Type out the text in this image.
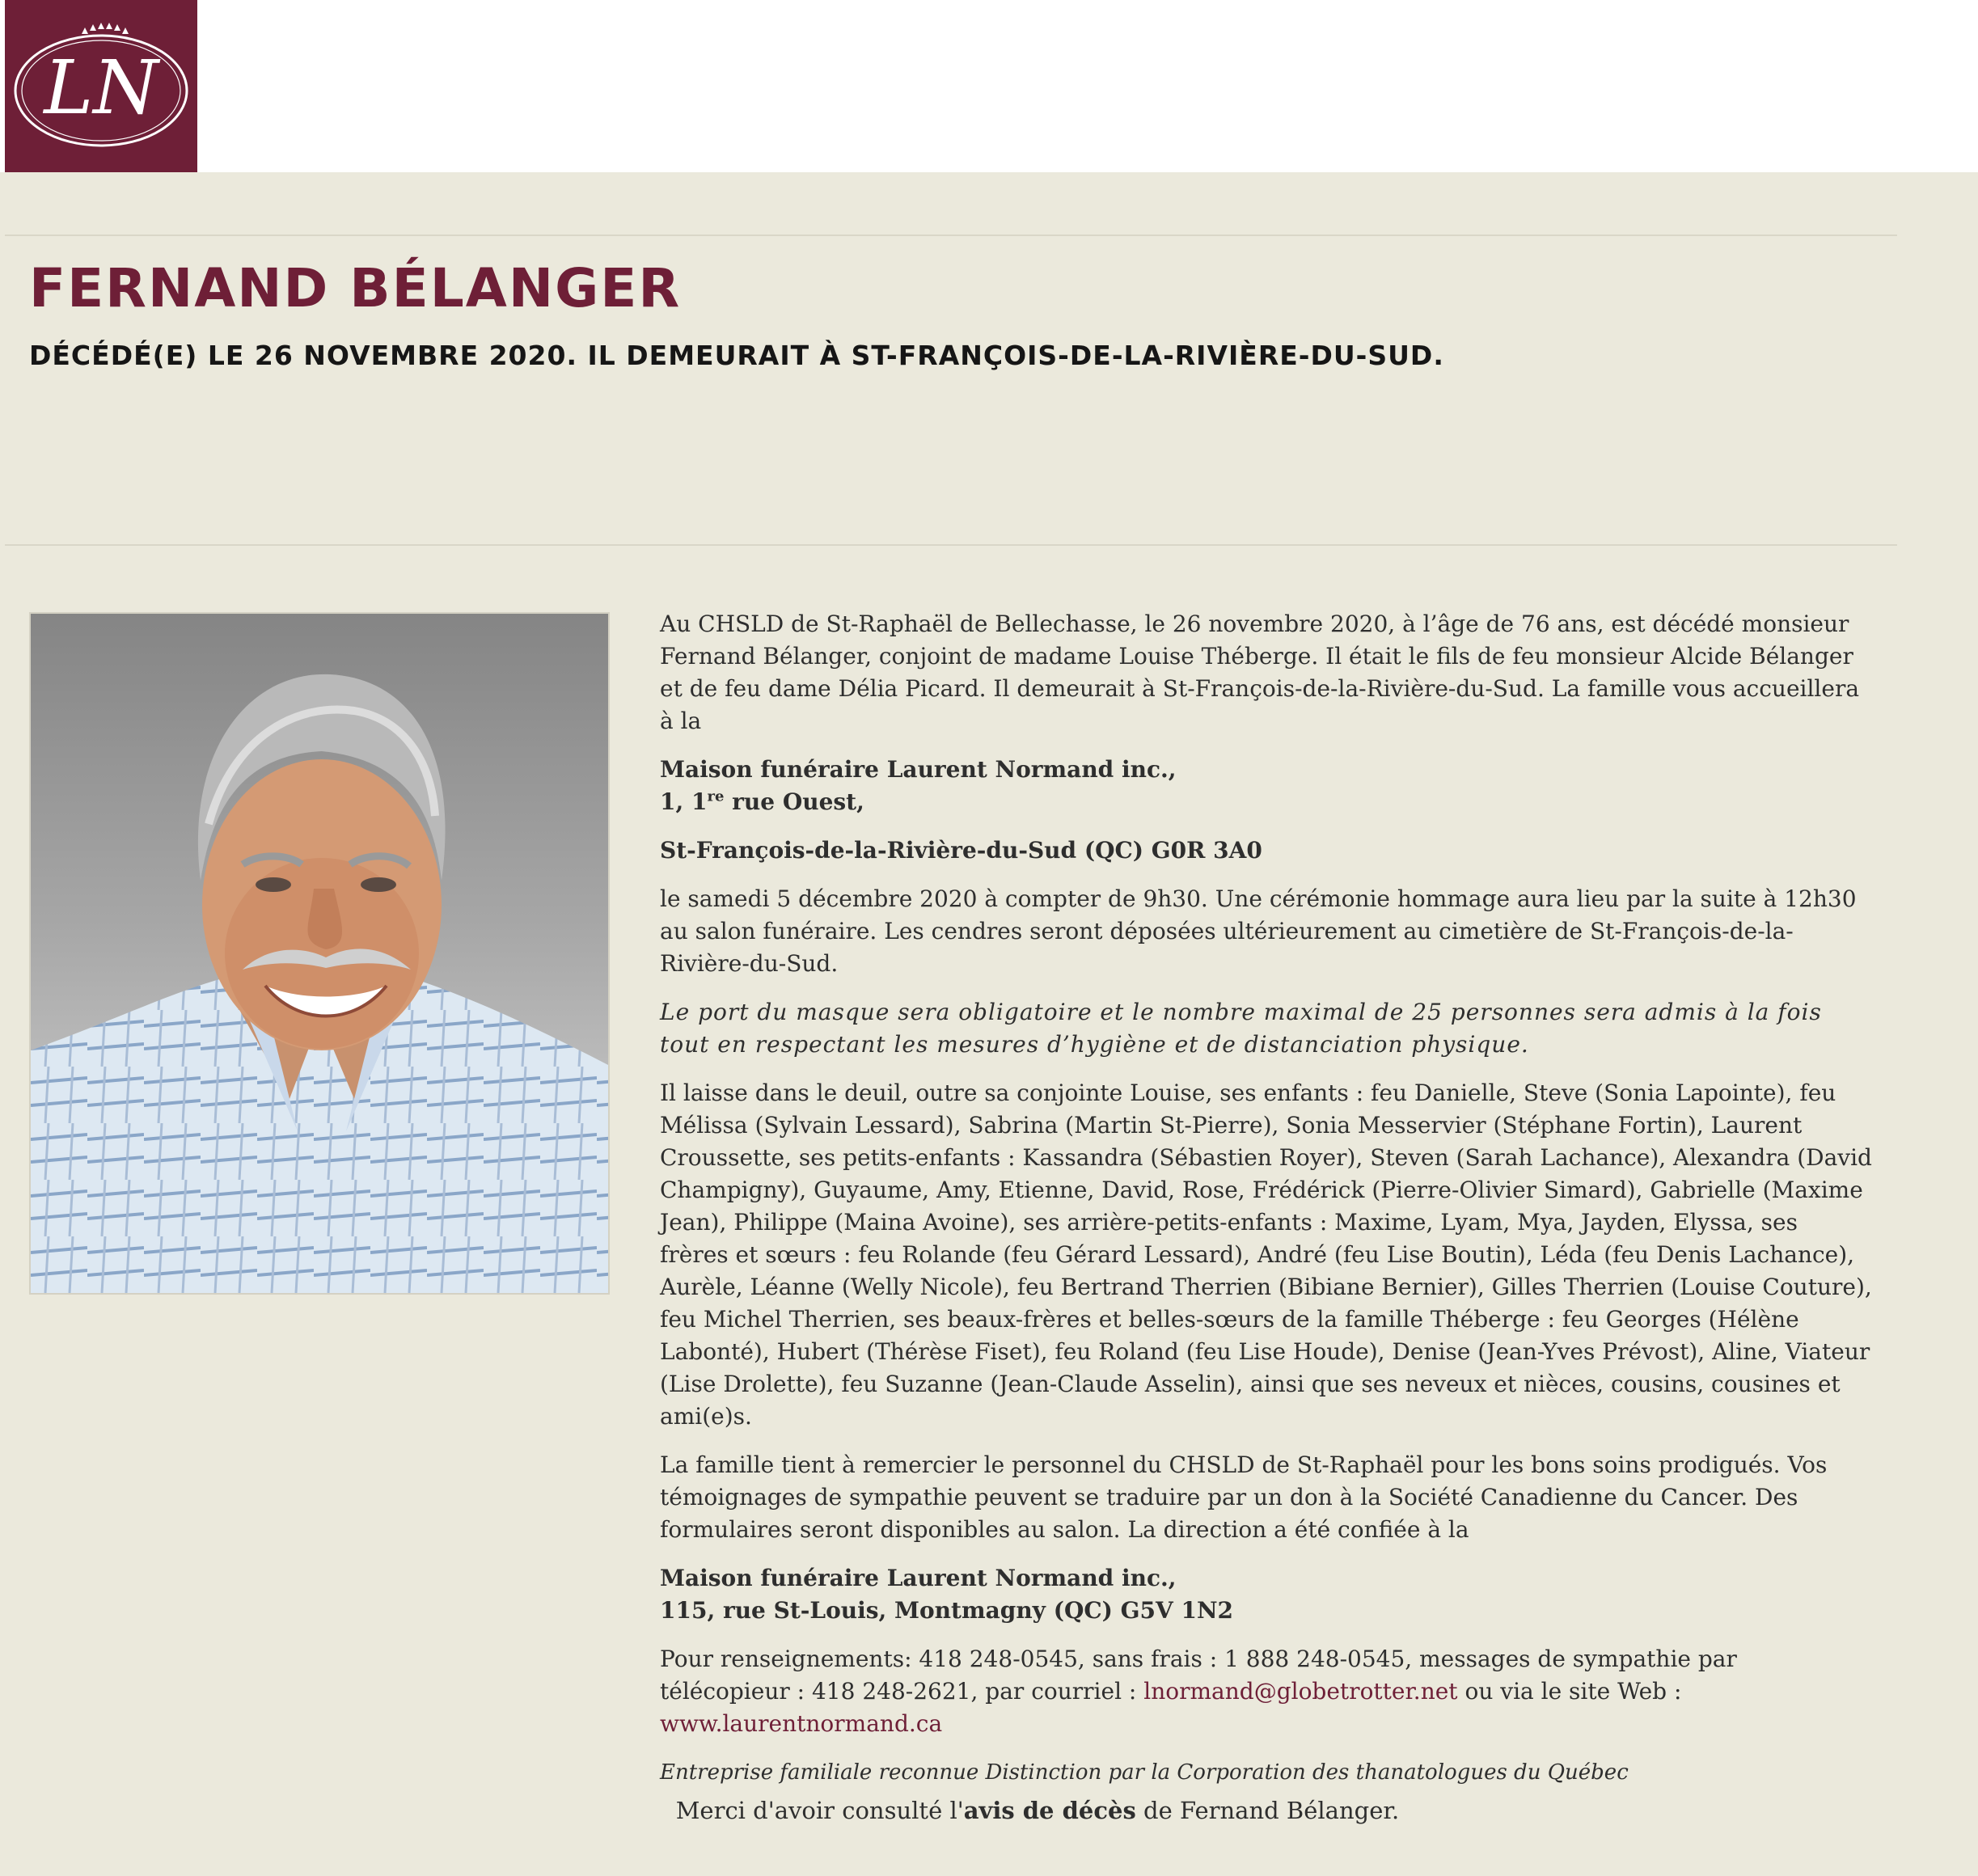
LN
FERNAND BÉLANGER
DÉCÉDÉ(E) LE 26 NOVEMBRE 2020. IL DEMEURAIT À ST-FRANÇOIS-DE-LA-RIVIÈRE-DU-SUD.

Au CHSLD de St-Raphaël de Bellechasse, le 26 novembre 2020, à l’âge de 76 ans, est décédé monsieur Fernand Bélanger, conjoint de madame Louise Théberge. Il était le fils de feu monsieur Alcide Bélanger et de feu dame Délia Picard. Il demeurait à St-François-de-la-Rivière-du-Sud. La famille vous accueillera à la

Maison funéraire Laurent Normand inc.,
1, 1re rue Ouest,

St-François-de-la-Rivière-du-Sud (QC) G0R 3A0

le samedi 5 décembre 2020 à compter de 9h30. Une cérémonie hommage aura lieu par la suite à 12h30 au salon funéraire. Les cendres seront déposées ultérieurement au cimetière de St-François-de-la-Rivière-du-Sud.

Le port du masque sera obligatoire et le nombre maximal de 25 personnes sera admis à la fois tout en respectant les mesures d’hygiène et de distanciation physique.

Il laisse dans le deuil, outre sa conjointe Louise, ses enfants : feu Danielle, Steve (Sonia Lapointe), feu Mélissa (Sylvain Lessard), Sabrina (Martin St-Pierre), Sonia Messervier (Stéphane Fortin), Laurent Croussette, ses petits-enfants : Kassandra (Sébastien Royer), Steven (Sarah Lachance), Alexandra (David Champigny), Guyaume, Amy, Etienne, David, Rose, Frédérick (Pierre-Olivier Simard), Gabrielle (Maxime Jean), Philippe (Maina Avoine), ses arrière-petits-enfants : Maxime, Lyam, Mya, Jayden, Elyssa, ses frères et sœurs : feu Rolande (feu Gérard Lessard), André (feu Lise Boutin), Léda (feu Denis Lachance), Aurèle, Léanne (Welly Nicole), feu Bertrand Therrien (Bibiane Bernier), Gilles Therrien (Louise Couture), feu Michel Therrien, ses beaux-frères et belles-sœurs de la famille Théberge : feu Georges (Hélène Labonté), Hubert (Thérèse Fiset), feu Roland (feu Lise Houde), Denise (Jean-Yves Prévost), Aline, Viateur (Lise Drolette), feu Suzanne (Jean-Claude Asselin), ainsi que ses neveux et nièces, cousins, cousines et ami(e)s.

La famille tient à remercier le personnel du CHSLD de St-Raphaël pour les bons soins prodigués. Vos témoignages de sympathie peuvent se traduire par un don à la Société Canadienne du Cancer. Des formulaires seront disponibles au salon. La direction a été confiée à la

Maison funéraire Laurent Normand inc.,
115, rue St-Louis, Montmagny (QC) G5V 1N2

Pour renseignements: 418 248-0545, sans frais : 1 888 248-0545, messages de sympathie par télécopieur : 418 248-2621, par courriel : lnormand@globetrotter.net ou via le site Web : www.laurentnormand.ca

Entreprise familiale reconnue Distinction par la Corporation des thanatologues du Québec

Merci d'avoir consulté l'avis de décès de Fernand Bélanger.
